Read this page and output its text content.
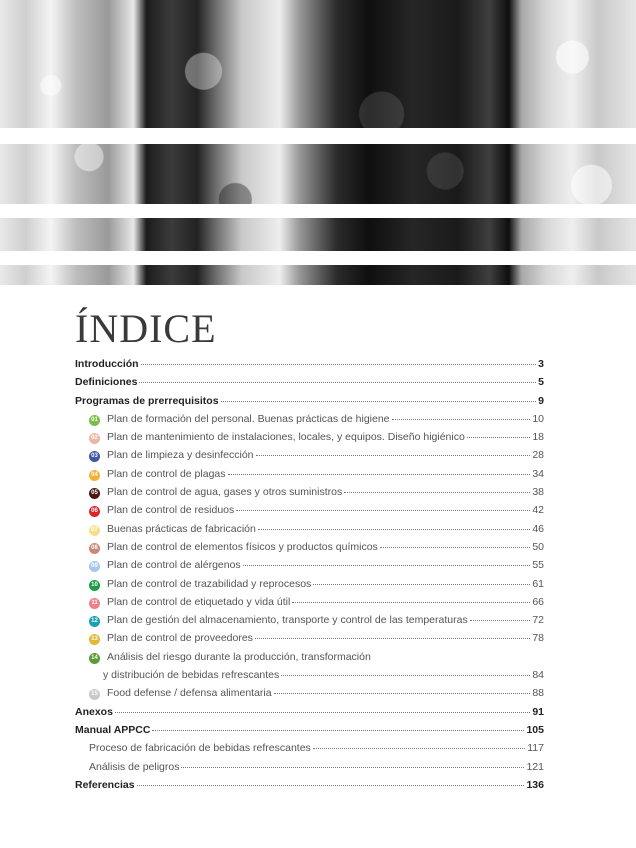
ÍNDICE
Introducción	3
Definiciones	5
Programas de prerrequisitos	9
01 Plan de formación del personal. Buenas prácticas de higiene	10
02 Plan de mantenimiento de instalaciones, locales, y equipos. Diseño higiénico	18
03 Plan de limpieza y desinfección	28
04 Plan de control de plagas	34
05 Plan de control de agua, gases y otros suministros	38
06 Plan de control de residuos	42
07 Buenas prácticas de fabricación	46
08 Plan de control de elementos físicos y productos químicos	50
09 Plan de control de alérgenos	55
10 Plan de control de trazabilidad y reprocesos	61
11 Plan de control de etiquetado y vida útil	66
12 Plan de gestión del almacenamiento, transporte y control de las temperaturas	72
13 Plan de control de proveedores	78
14 Análisis del riesgo durante la producción, transformación
y distribución de bebidas refrescantes	84
15 Food defense / defensa alimentaria	88
Anexos	91
Manual APPCC	105
Proceso de fabricación de bebidas refrescantes	117
Análisis de peligros	121
Referencias	136
